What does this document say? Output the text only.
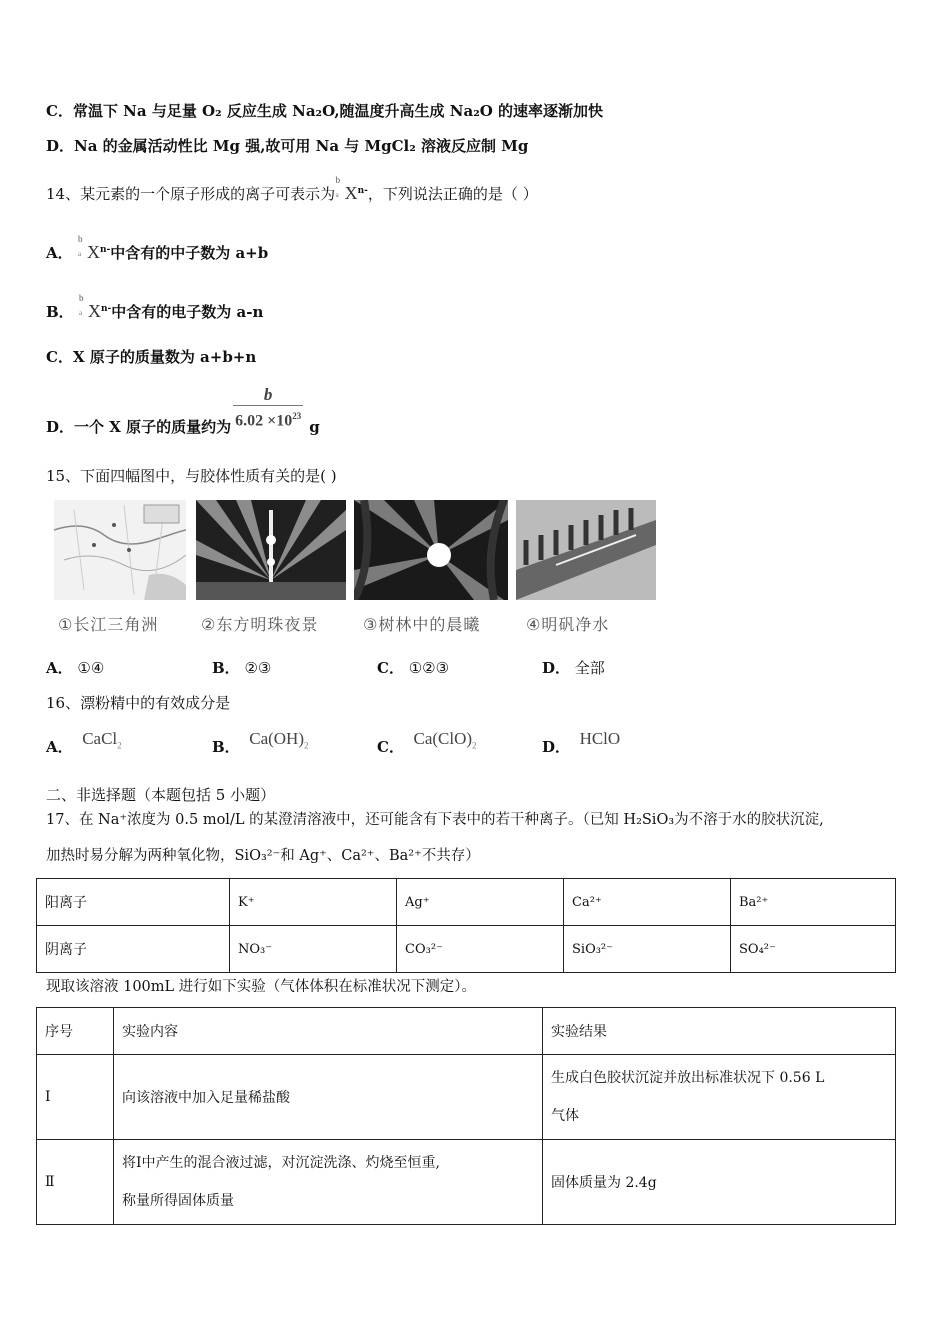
C．常温下 Na 与足量 O₂ 反应生成 Na₂O,随温度升高生成 Na₂O 的速率逐渐加快
D．Na 的金属活动性比 Mg 强,故可用 Na 与 MgCl₂ 溶液反应制 Mg
14、某元素的一个原子形成的离子可表示为
b
a $X^{n-}$，下列说法正确的是（ ）
A．
b
a $X^{n-}$中含有的中子数为 a+b
B．
b
a $X^{n-}$中含有的电子数为 a-n
C．X 原子的质量数为 a+b+n
D．一个 X 原子的质量约为 $\frac{b}{6.02 \times 10^{23}}$ g
15、下面四幅图中，与胶体性质有关的是( )
①长江三角洲	②东方明珠夜景	③树林中的晨曦	④明矾净水
A． ①④	B． ②③	C． ①②③	D． 全部
16、漂粉精中的有效成分是
A． CaCl$_2$	B． $Ca(OH)_2$	C． $Ca(ClO)_2$	D． HClO
二、非选择题（本题包括 5 小题）
17、在 Na⁺浓度为 0.5 mol/L 的某澄清溶液中，还可能含有下表中的若干种离子。（已知 H₂SiO₃为不溶于水的胶状沉淀,
加热时易分解为两种氧化物，SiO₃²⁻和 Ag⁺、Ca²⁺、Ba²⁺不共存）
阳离子	K⁺	Ag⁺	Ca²⁺	Ba²⁺
阴离子	NO₃⁻	CO₃²⁻	SiO₃²⁻	SO₄²⁻
现取该溶液 100mL 进行如下实验（气体体积在标准状况下测定）。
序号	实验内容	实验结果
Ⅰ	向该溶液中加入足量稀盐酸	生成白色胶状沉淀并放出标准状况下 0.56 L
气体

Ⅱ	将Ⅰ中产生的混合液过滤，对沉淀洗涤、灼烧至恒重,
称量所得固体质量	固体质量为 2.4g
